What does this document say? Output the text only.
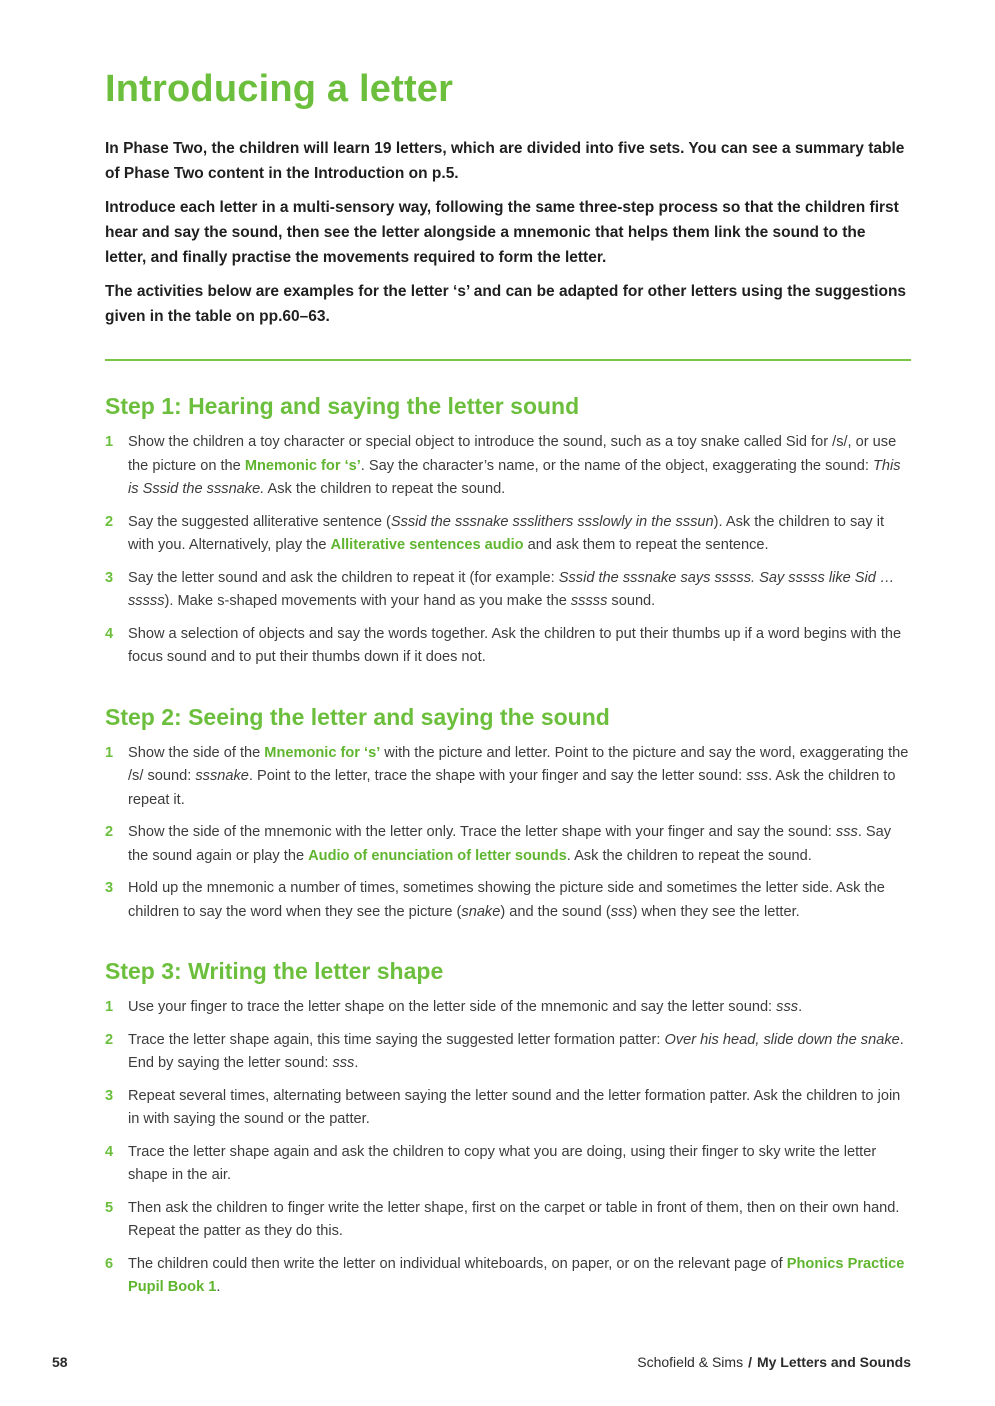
Introducing a letter

In Phase Two, the children will learn 19 letters, which are divided into five sets. You can see a summary table of Phase Two content in the Introduction on p.5.

Introduce each letter in a multi-sensory way, following the same three-step process so that the children first hear and say the sound, then see the letter alongside a mnemonic that helps them link the sound to the letter, and finally practise the movements required to form the letter.

The activities below are examples for the letter ‘s’ and can be adapted for other letters using the suggestions given in the table on pp.60–63.

Step 1: Hearing and saying the letter sound
1 Show the children a toy character or special object to introduce the sound, such as a toy snake called Sid for /s/, or use the picture on the Mnemonic for ‘s’. Say the character’s name, or the name of the object, exaggerating the sound: This is Sssid the sssnake. Ask the children to repeat the sound.
2 Say the suggested alliterative sentence (Sssid the sssnake ssslithers ssslowly in the sssun). Ask the children to say it with you. Alternatively, play the Alliterative sentences audio and ask them to repeat the sentence.
3 Say the letter sound and ask the children to repeat it (for example: Sssid the sssnake says sssss. Say sssss like Sid … sssss). Make s-shaped movements with your hand as you make the sssss sound.
4 Show a selection of objects and say the words together. Ask the children to put their thumbs up if a word begins with the focus sound and to put their thumbs down if it does not.
Step 2: Seeing the letter and saying the sound
1 Show the side of the Mnemonic for ‘s’ with the picture and letter. Point to the picture and say the word, exaggerating the /s/ sound: sssnake. Point to the letter, trace the shape with your finger and say the letter sound: sss. Ask the children to repeat it.
2 Show the side of the mnemonic with the letter only. Trace the letter shape with your finger and say the sound: sss. Say the sound again or play the Audio of enunciation of letter sounds. Ask the children to repeat the sound.
3 Hold up the mnemonic a number of times, sometimes showing the picture side and sometimes the letter side. Ask the children to say the word when they see the picture (snake) and the sound (sss) when they see the letter.
Step 3: Writing the letter shape
1 Use your finger to trace the letter shape on the letter side of the mnemonic and say the letter sound: sss.
2 Trace the letter shape again, this time saying the suggested letter formation patter: Over his head, slide down the snake. End by saying the letter sound: sss.
3 Repeat several times, alternating between saying the letter sound and the letter formation patter. Ask the children to join in with saying the sound or the patter.
4 Trace the letter shape again and ask the children to copy what you are doing, using their finger to sky write the letter shape in the air.
5 Then ask the children to finger write the letter shape, first on the carpet or table in front of them, then on their own hand. Repeat the patter as they do this.
6 The children could then write the letter on individual whiteboards, on paper, or on the relevant page of Phonics Practice Pupil Book 1.
58	Schofield & Sims / My Letters and Sounds
